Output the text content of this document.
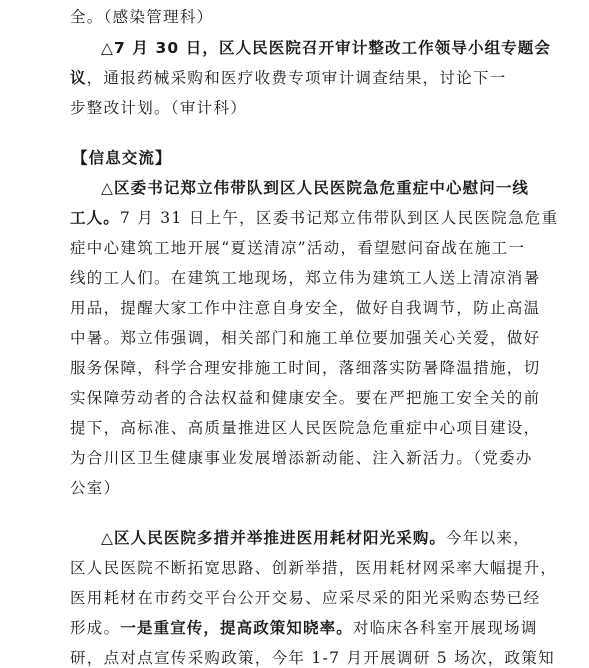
全。（感染管理科）
△7 月 30 日，区人民医院召开审计整改工作领导小组专题会
议，通报药械采购和医疗收费专项审计调查结果，讨论下一
步整改计划。（审计科）
【信息交流】
△区委书记郑立伟带队到区人民医院急危重症中心慰问一线
工人。7 月 31 日上午，区委书记郑立伟带队到区人民医院急危重
症中心建筑工地开展“夏送清凉”活动，看望慰问奋战在施工一
线的工人们。在建筑工地现场，郑立伟为建筑工人送上清凉消暑
用品，提醒大家工作中注意自身安全，做好自我调节，防止高温
中暑。郑立伟强调，相关部门和施工单位要加强关心关爱，做好
服务保障，科学合理安排施工时间，落细落实防暑降温措施，切
实保障劳动者的合法权益和健康安全。要在严把施工安全关的前
提下，高标准、高质量推进区人民医院急危重症中心项目建设，
为合川区卫生健康事业发展增添新动能、注入新活力。（党委办
公室）
△区人民医院多措并举推进医用耗材阳光采购。今年以来，
区人民医院不断拓宽思路、创新举措，医用耗材网采率大幅提升，
医用耗材在市药交平台公开交易、应采尽采的阳光采购态势已经
形成。一是重宣传，提高政策知晓率。对临床各科室开展现场调
研，点对点宣传采购政策，今年 1-7 月开展调研 5 场次，政策知
